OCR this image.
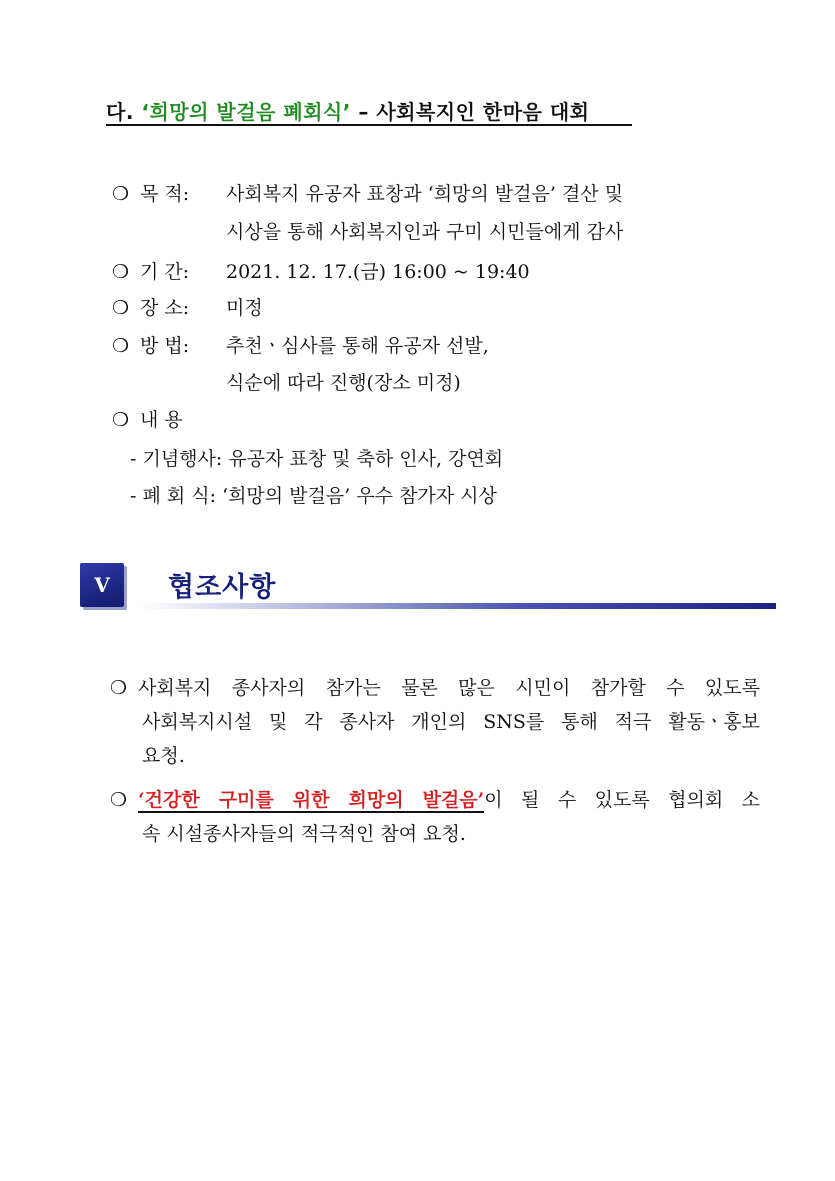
다. ‘희망의 발걸음 폐회식’ – 사회복지인 한마음 대회
❍ 목 적: 사회복지 유공자 표창과 ‘희망의 발걸음’ 결산 및
시상을 통해 사회복지인과 구미 시민들에게 감사
❍ 기 간: 2021. 12. 17.(금) 16:00 ~ 19:40
❍ 장 소: 미정
❍ 방 법: 추천ㆍ심사를 통해 유공자 선발,
식순에 따라 진행(장소 미정)
❍ 내 용
- 기념행사: 유공자 표창 및 축하 인사, 강연회
- 폐 회 식: ‘희망의 발걸음’ 우수 참가자 시상
V	협조사항
❍ 사회복지 종사자의 참가는 물론 많은 시민이 참가할 수 있도록
사회복지시설 및 각 종사자 개인의 SNS를 통해 적극 활동ㆍ홍보
요청.
❍ ‘건강한 구미를 위한 희망의 발걸음’이 될 수 있도록 협의회 소
속 시설종사자들의 적극적인 참여 요청.
